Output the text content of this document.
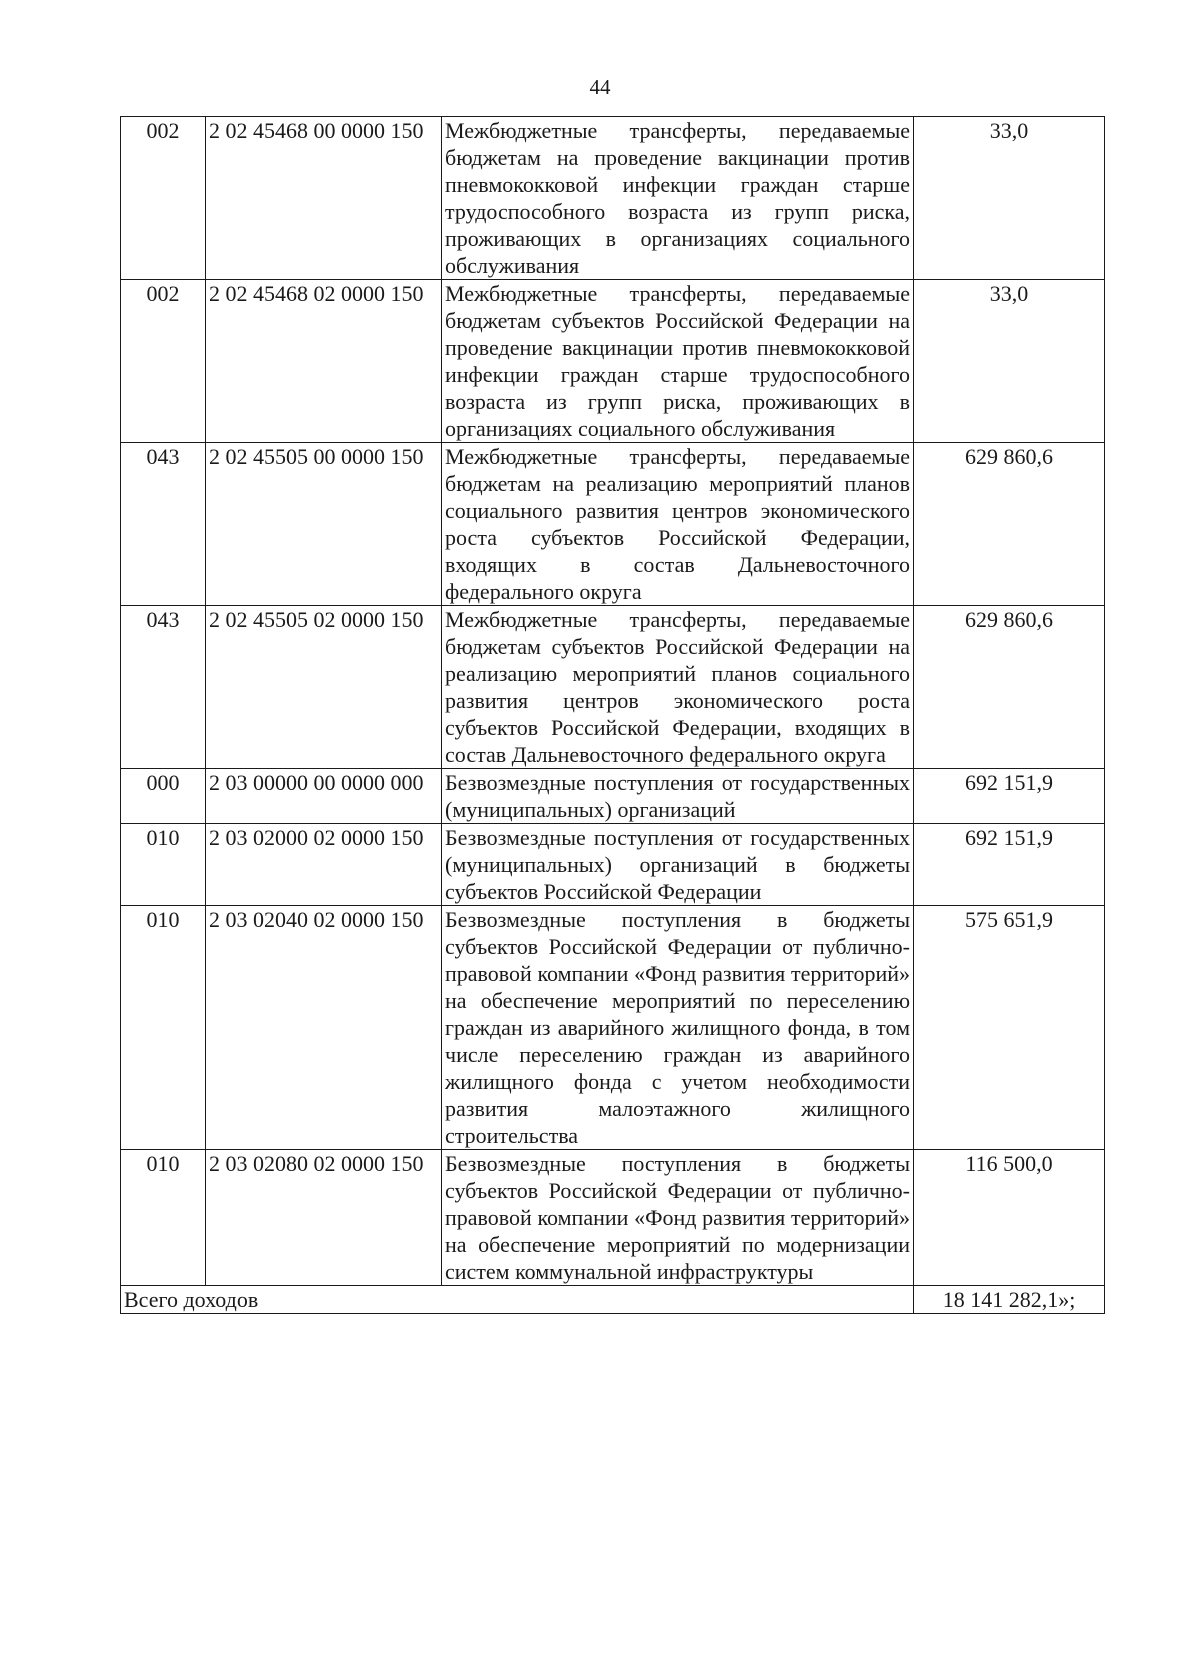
44
002	2 02 45468 00 0000 150	Межбюджетные трансферты, передаваемые бюджетам на проведение вакцинации против пневмококковой инфекции граждан старше трудоспособного возраста из групп риска, проживающих в организациях социального обслуживания	33,0
002	2 02 45468 02 0000 150	Межбюджетные трансферты, передаваемые бюджетам субъектов Российской Федерации на проведение вакцинации против пневмококковой инфекции граждан старше трудоспособного возраста из групп риска, проживающих в организациях социального обслуживания	33,0
043	2 02 45505 00 0000 150	Межбюджетные трансферты, передаваемые бюджетам на реализацию мероприятий планов социального развития центров экономического роста субъектов Российской Федерации, входящих в состав Дальневосточного федерального округа	629 860,6
043	2 02 45505 02 0000 150	Межбюджетные трансферты, передаваемые бюджетам субъектов Российской Федерации на реализацию мероприятий планов социального развития центров экономического роста субъектов Российской Федерации, входящих в состав Дальневосточного федерального округа	629 860,6
000	2 03 00000 00 0000 000	Безвозмездные поступления от государственных (муниципальных) организаций	692 151,9
010	2 03 02000 02 0000 150	Безвозмездные поступления от государственных (муниципальных) организаций в бюджеты субъектов Российской Федерации	692 151,9
010	2 03 02040 02 0000 150	Безвозмездные поступления в бюджеты субъектов Российской Федерации от публично-правовой компании «Фонд развития территорий» на обеспечение мероприятий по переселению граждан из аварийного жилищного фонда, в том числе переселению граждан из аварийного жилищного фонда с учетом необходимости развития малоэтажного жилищного строительства	575 651,9
010	2 03 02080 02 0000 150	Безвозмездные поступления в бюджеты субъектов Российской Федерации от публично-правовой компании «Фонд развития территорий» на обеспечение мероприятий по модернизации систем коммунальной инфраструктуры	116 500,0
Всего доходов			18 141 282,1»;
